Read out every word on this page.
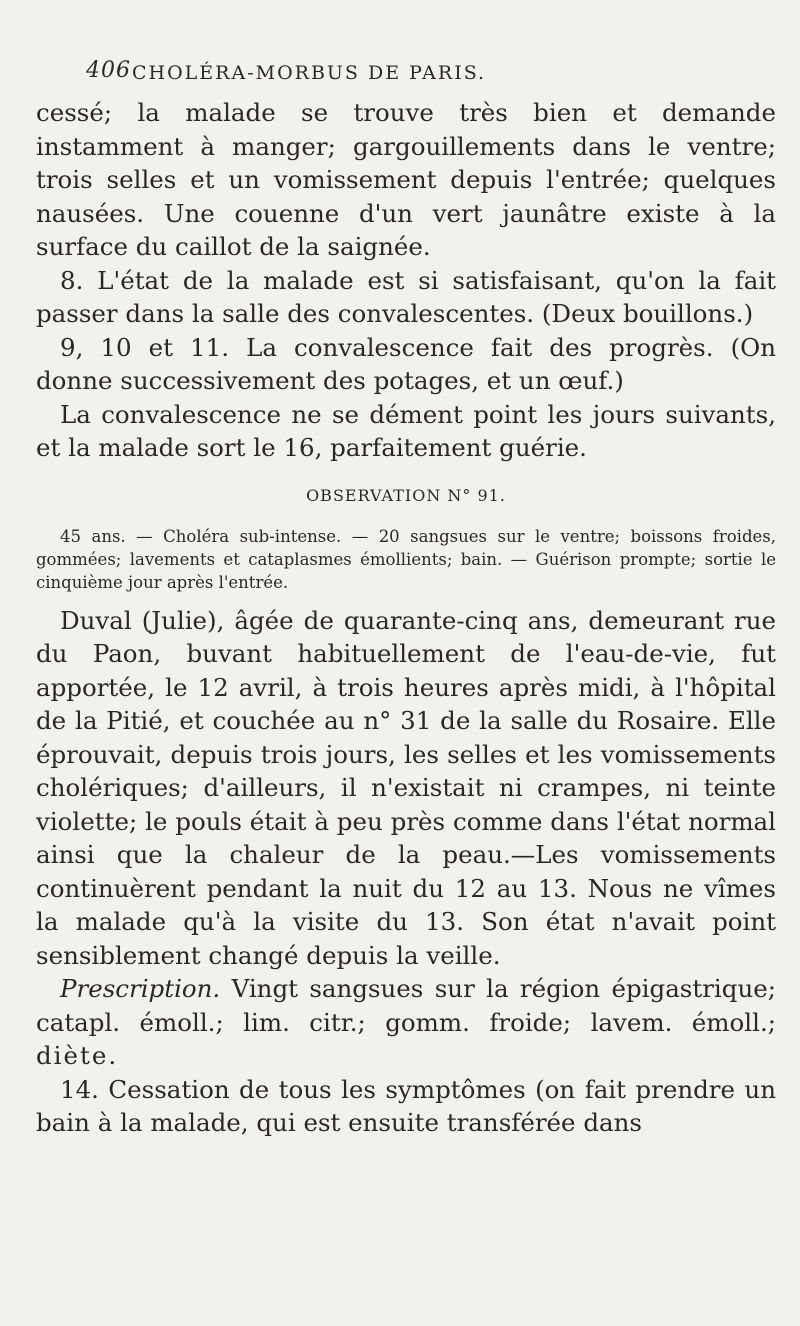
406 CHOLÉRA-MORBUS DE PARIS.

cessé; la malade se trouve très bien et demande instamment à manger; gargouillements dans le ventre; trois selles et un vomissement depuis l'entrée; quelques nausées. Une couenne d'un vert jaunâtre existe à la surface du caillot de la saignée.

8. L'état de la malade est si satisfaisant, qu'on la fait passer dans la salle des convalescentes. (Deux bouillons.)

9, 10 et 11. La convalescence fait des progrès. (On donne successivement des potages, et un œuf.)

La convalescence ne se dément point les jours suivants, et la malade sort le 16, parfaitement guérie.

OBSERVATION N° 91.

45 ans. — Choléra sub-intense. — 20 sangsues sur le ventre; boissons froides, gommées; lavements et cataplasmes émollients; bain. — Guérison prompte; sortie le cinquième jour après l'entrée.

Duval (Julie), âgée de quarante-cinq ans, demeurant rue du Paon, buvant habituellement de l'eau-de-vie, fut apportée, le 12 avril, à trois heures après midi, à l'hôpital de la Pitié, et couchée au n° 31 de la salle du Rosaire. Elle éprouvait, depuis trois jours, les selles et les vomissements cholériques; d'ailleurs, il n'existait ni crampes, ni teinte violette; le pouls était à peu près comme dans l'état normal ainsi que la chaleur de la peau.—Les vomissements continuèrent pendant la nuit du 12 au 13. Nous ne vîmes la malade qu'à la visite du 13. Son état n'avait point sensiblement changé depuis la veille.

Prescription. Vingt sangsues sur la région épigastrique; catapl. émoll.; lim. citr.; gomm. froide; lavem. émoll.; diète.

14. Cessation de tous les symptômes (on fait prendre un bain à la malade, qui est ensuite transférée dans
